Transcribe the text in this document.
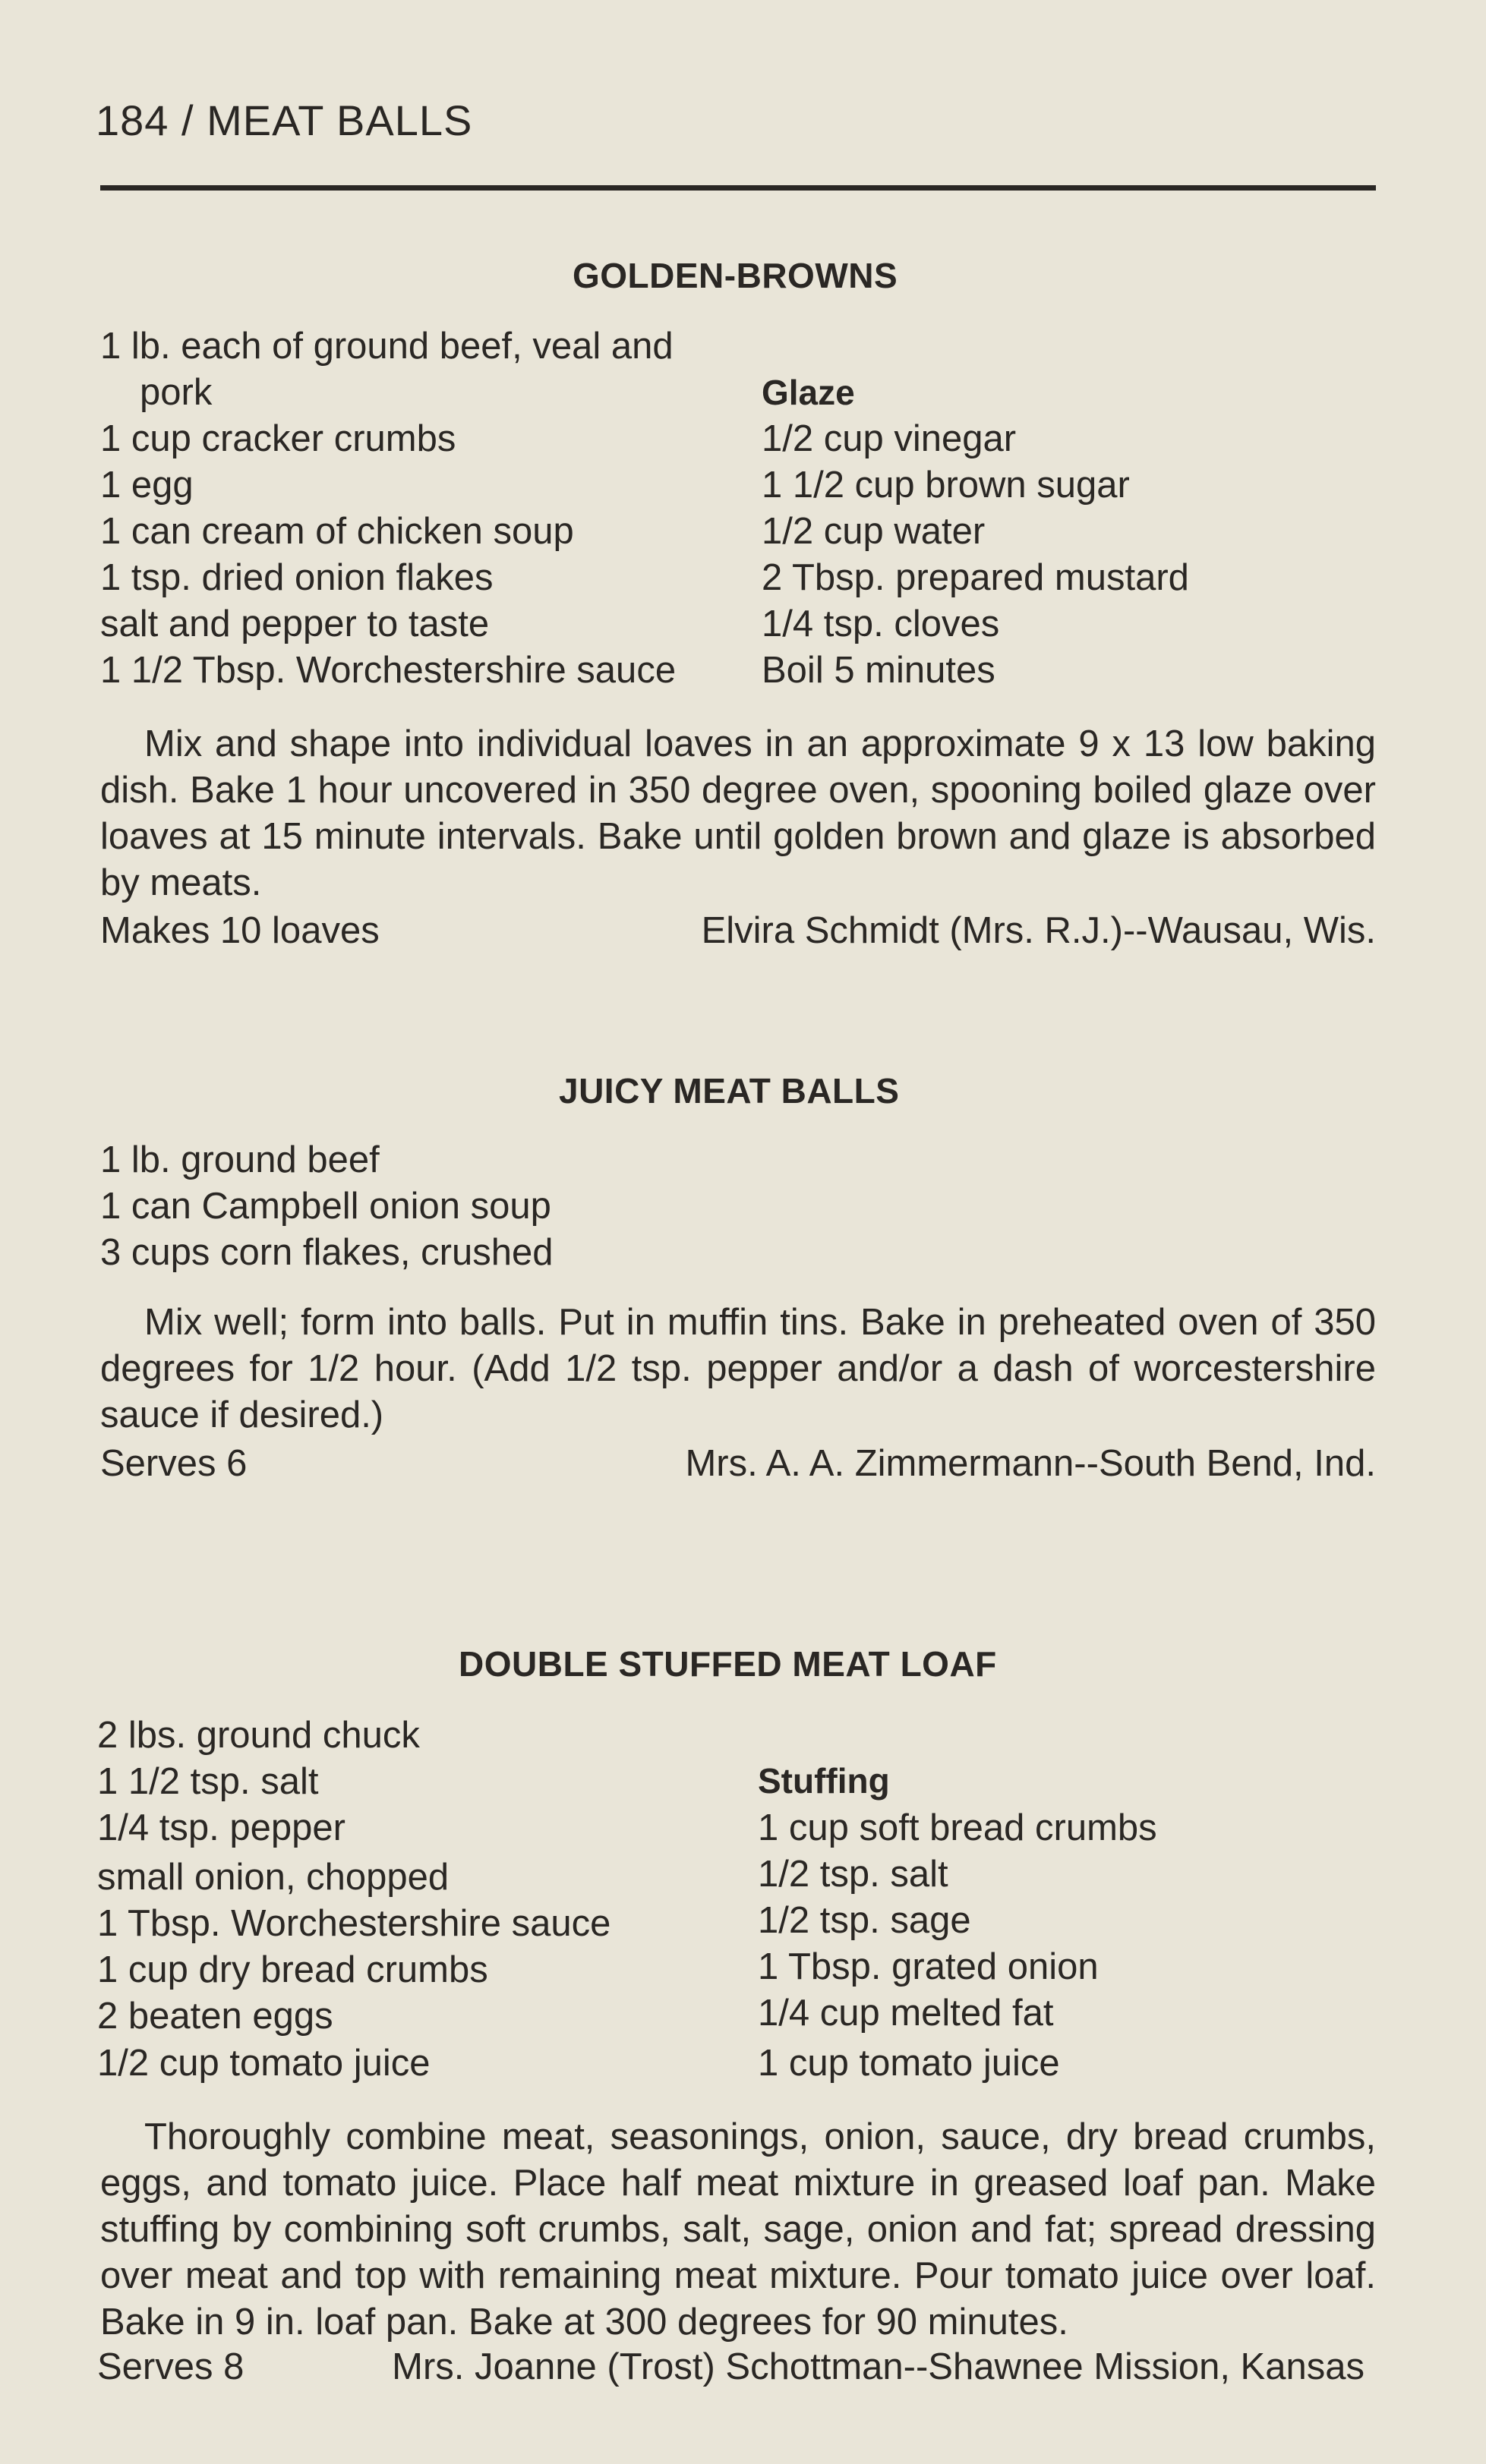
184 / MEAT BALLS
GOLDEN-BROWNS
1 lb. each of ground beef, veal and
pork
1 cup cracker crumbs
1 egg
1 can cream of chicken soup
1 tsp. dried onion flakes
salt and pepper to taste
1 1/2 Tbsp. Worchestershire sauce
Glaze
1/2 cup vinegar
1 1/2 cup brown sugar
1/2 cup water
2 Tbsp. prepared mustard
1/4 tsp. cloves
Boil 5 minutes
Mix and shape into individual loaves in an approximate 9 x 13 low baking dish. Bake 1 hour uncovered in 350 degree oven, spooning boiled glaze over loaves at 15 minute intervals. Bake until golden brown and glaze is absorbed by meats.
Makes 10 loaves	Elvira Schmidt (Mrs. R.J.)--Wausau, Wis.
JUICY MEAT BALLS
1 lb. ground beef
1 can Campbell onion soup
3 cups corn flakes, crushed
Mix well; form into balls. Put in muffin tins. Bake in preheated oven of 350 degrees for 1/2 hour. (Add 1/2 tsp. pepper and/or a dash of worcestershire sauce if desired.)
Serves 6	Mrs. A. A. Zimmermann--South Bend, Ind.
DOUBLE STUFFED MEAT LOAF
2 lbs. ground chuck
1 1/2 tsp. salt
1/4 tsp. pepper
small onion, chopped
1 Tbsp. Worchestershire sauce
1 cup dry bread crumbs
2 beaten eggs
1/2 cup tomato juice
Stuffing
1 cup soft bread crumbs
1/2 tsp. salt
1/2 tsp. sage
1 Tbsp. grated onion
1/4 cup melted fat
1 cup tomato juice
Thoroughly combine meat, seasonings, onion, sauce, dry bread crumbs, eggs, and tomato juice. Place half meat mixture in greased loaf pan. Make stuffing by combining soft crumbs, salt, sage, onion and fat; spread dressing over meat and top with remaining meat mixture. Pour tomato juice over loaf. Bake in 9 in. loaf pan. Bake at 300 degrees for 90 minutes.
Serves 8	Mrs. Joanne (Trost) Schottman--Shawnee Mission, Kansas
